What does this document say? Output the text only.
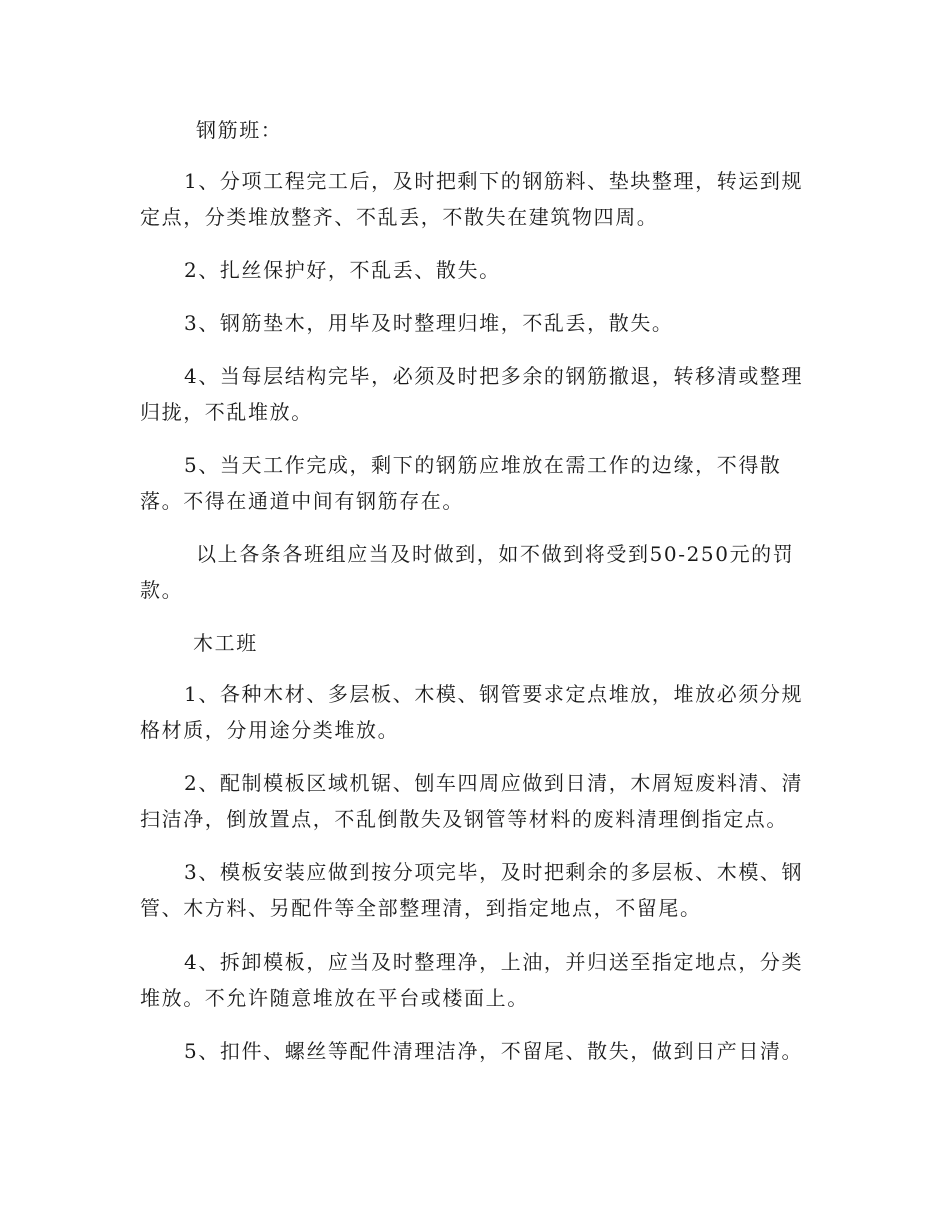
钢筋班：
1、分项工程完工后，及时把剩下的钢筋料、垫块整理，转运到规
定点，分类堆放整齐、不乱丢，不散失在建筑物四周。
2、扎丝保护好，不乱丢、散失。
3、钢筋垫木，用毕及时整理归堆，不乱丢，散失。
4、当每层结构完毕，必须及时把多余的钢筋撤退，转移清或整理
归拢，不乱堆放。
5、当天工作完成，剩下的钢筋应堆放在需工作的边缘，不得散
落。不得在通道中间有钢筋存在。
以上各条各班组应当及时做到，如不做到将受到50-250元的罚
款。
木工班
1、各种木材、多层板、木模、钢管要求定点堆放，堆放必须分规
格材质，分用途分类堆放。
2、配制模板区域机锯、刨车四周应做到日清，木屑短废料清、清
扫洁净，倒放置点，不乱倒散失及钢管等材料的废料清理倒指定点。
3、模板安装应做到按分项完毕，及时把剩余的多层板、木模、钢
管、木方料、另配件等全部整理清，到指定地点，不留尾。
4、拆卸模板，应当及时整理净，上油，并归送至指定地点，分类
堆放。不允许随意堆放在平台或楼面上。
5、扣件、螺丝等配件清理洁净，不留尾、散失，做到日产日清。
